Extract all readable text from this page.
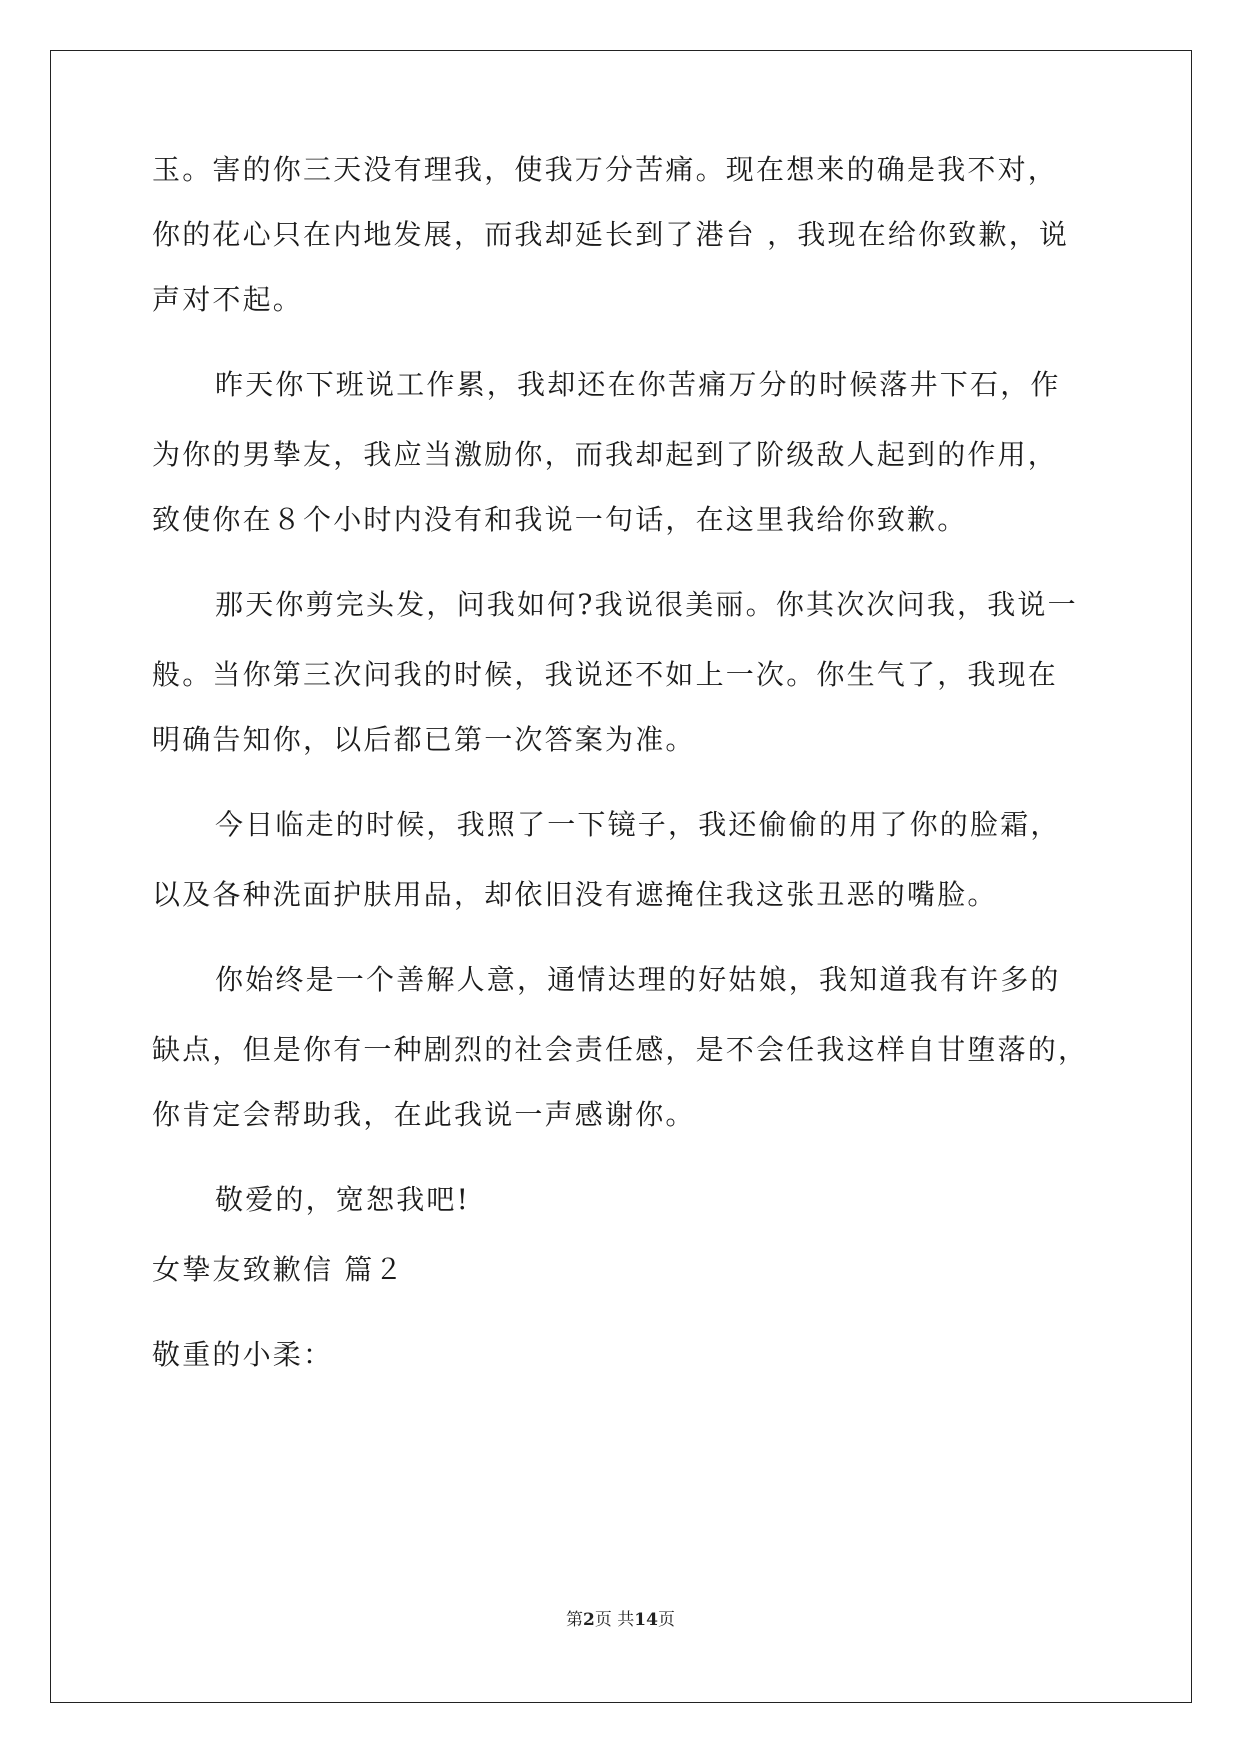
玉。害的你三天没有理我，使我万分苦痛。现在想来的确是我不对，
你的花心只在内地发展，而我却延长到了港台 ，我现在给你致歉，说
声对不起。
昨天你下班说工作累，我却还在你苦痛万分的时候落井下石，作
为你的男挚友，我应当激励你，而我却起到了阶级敌人起到的作用，
致使你在８个小时内没有和我说一句话，在这里我给你致歉。
那天你剪完头发，问我如何?我说很美丽。你其次次问我，我说一
般。当你第三次问我的时候，我说还不如上一次。你生气了，我现在
明确告知你，以后都已第一次答案为准。
今日临走的时候，我照了一下镜子，我还偷偷的用了你的脸霜，
以及各种洗面护肤用品，却依旧没有遮掩住我这张丑恶的嘴脸。
你始终是一个善解人意，通情达理的好姑娘，我知道我有许多的
缺点，但是你有一种剧烈的社会责任感，是不会任我这样自甘堕落的，
你肯定会帮助我，在此我说一声感谢你。
敬爱的，宽恕我吧!
女挚友致歉信 篇２
敬重的小柔：
第2页 共14页
